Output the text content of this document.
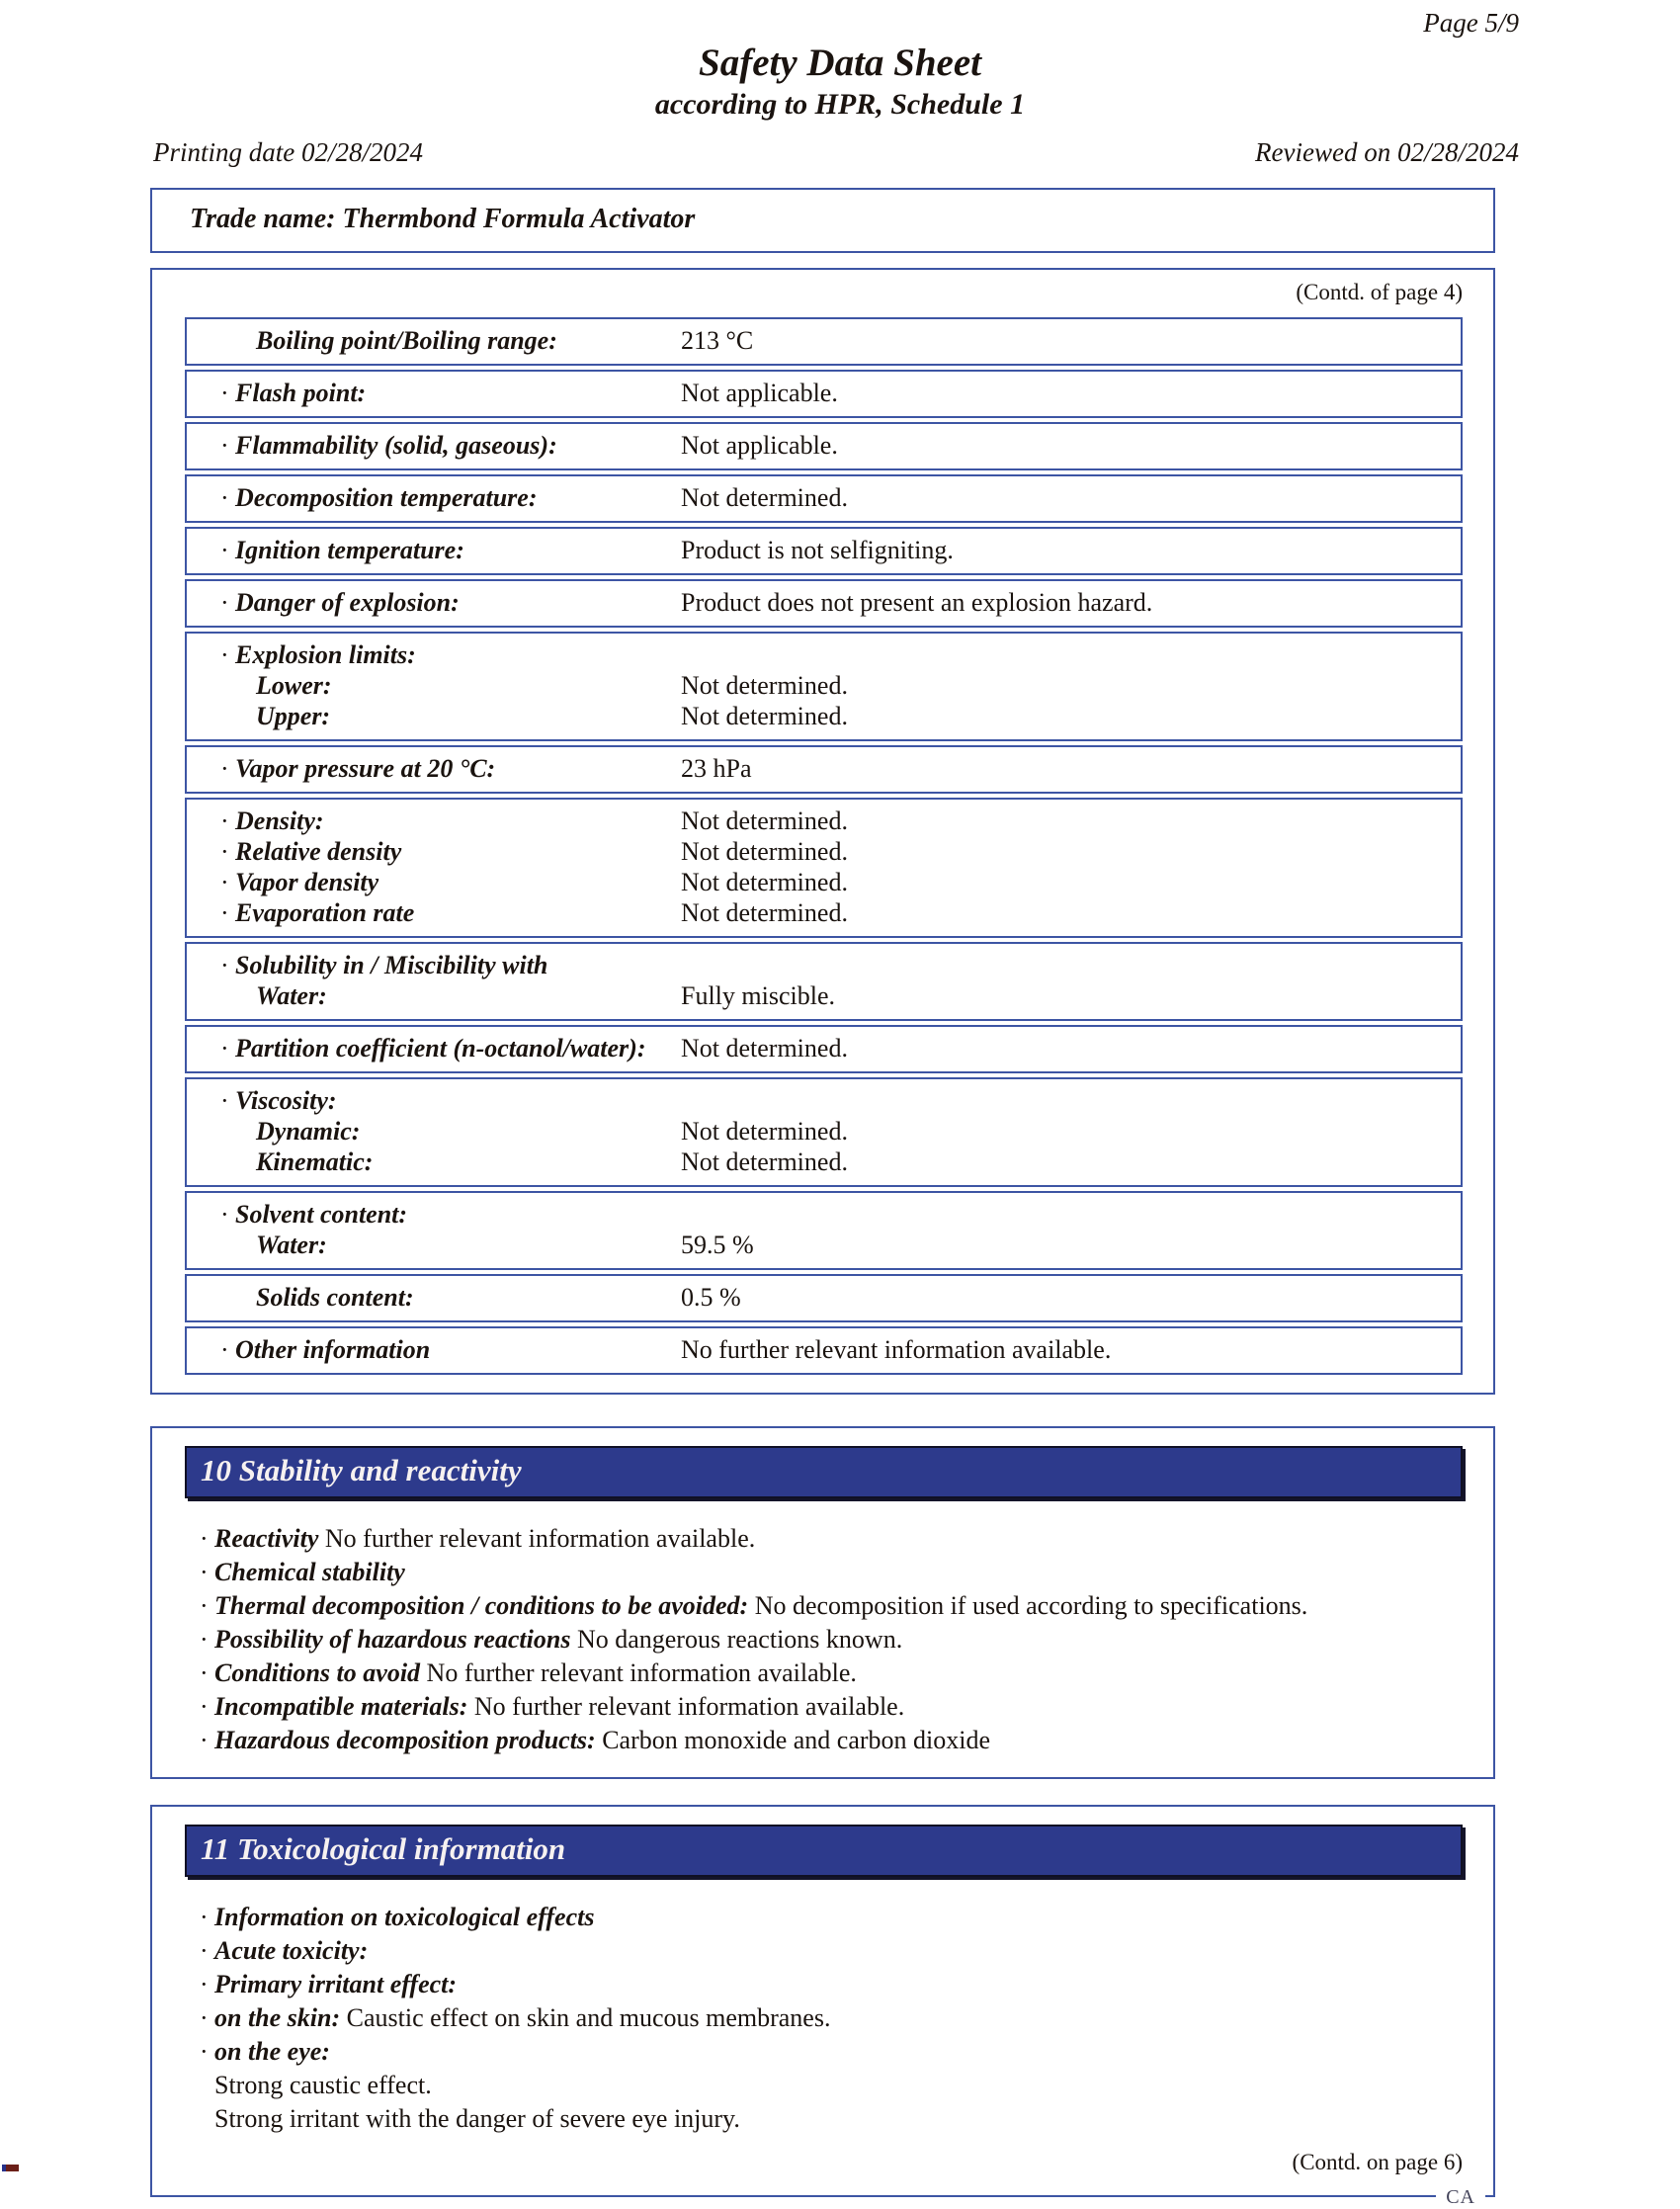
Page 5/9
Safety Data Sheet
according to HPR, Schedule 1
Printing date 02/28/2024	Reviewed on 02/28/2024
Trade name: Thermbond Formula Activator
(Contd. of page 4)
Boiling point/Boiling range:	213 °C
· Flash point:	Not applicable.
· Flammability (solid, gaseous):	Not applicable.
· Decomposition temperature:	Not determined.
· Ignition temperature:	Product is not selfigniting.
· Danger of explosion:	Product does not present an explosion hazard.
· Explosion limits:
Lower:	Not determined.
Upper:	Not determined.
· Vapor pressure at 20 °C:	23 hPa
· Density:	Not determined.
· Relative density	Not determined.
· Vapor density	Not determined.
· Evaporation rate	Not determined.
· Solubility in / Miscibility with
Water:	Fully miscible.
· Partition coefficient (n-octanol/water):	Not determined.
· Viscosity:
Dynamic:	Not determined.
Kinematic:	Not determined.
· Solvent content:
Water:	59.5 %
Solids content:	0.5 %
· Other information	No further relevant information available.
10 Stability and reactivity
· Reactivity No further relevant information available.
· Chemical stability
· Thermal decomposition / conditions to be avoided: No decomposition if used according to specifications.
· Possibility of hazardous reactions No dangerous reactions known.
· Conditions to avoid No further relevant information available.
· Incompatible materials: No further relevant information available.
· Hazardous decomposition products: Carbon monoxide and carbon dioxide
11 Toxicological information
· Information on toxicological effects
· Acute toxicity:
· Primary irritant effect:
· on the skin: Caustic effect on skin and mucous membranes.
· on the eye:
Strong caustic effect.
Strong irritant with the danger of severe eye injury.
(Contd. on page 6)
CA
